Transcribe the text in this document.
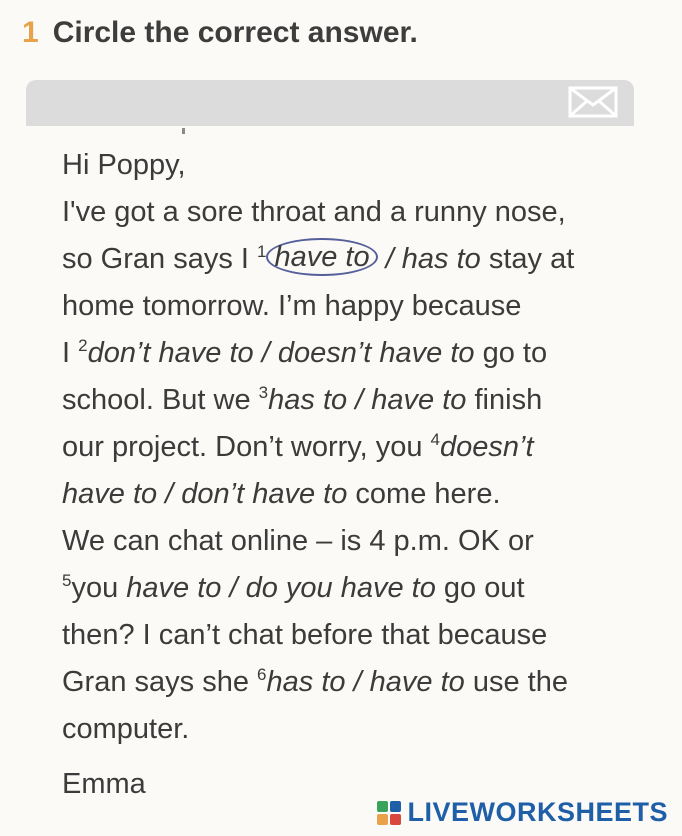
1 Circle the correct answer.
Hi Poppy,
I've got a sore throat and a runny nose,
so Gran says I $^1$ have to / has to stay at
home tomorrow. I’m happy because
I $^2$don’t have to / doesn’t have to go to
school. But we $^3$has to / have to finish
our project. Don’t worry, you $^4$doesn’t
have to / don’t have to come here.
We can chat online – is 4 p.m. OK or
$^5$you have to / do you have to go out
then? I can’t chat before that because
Gran says she $^6$has to / have to use the
computer.
Emma
LIVEWORKSHEETS
